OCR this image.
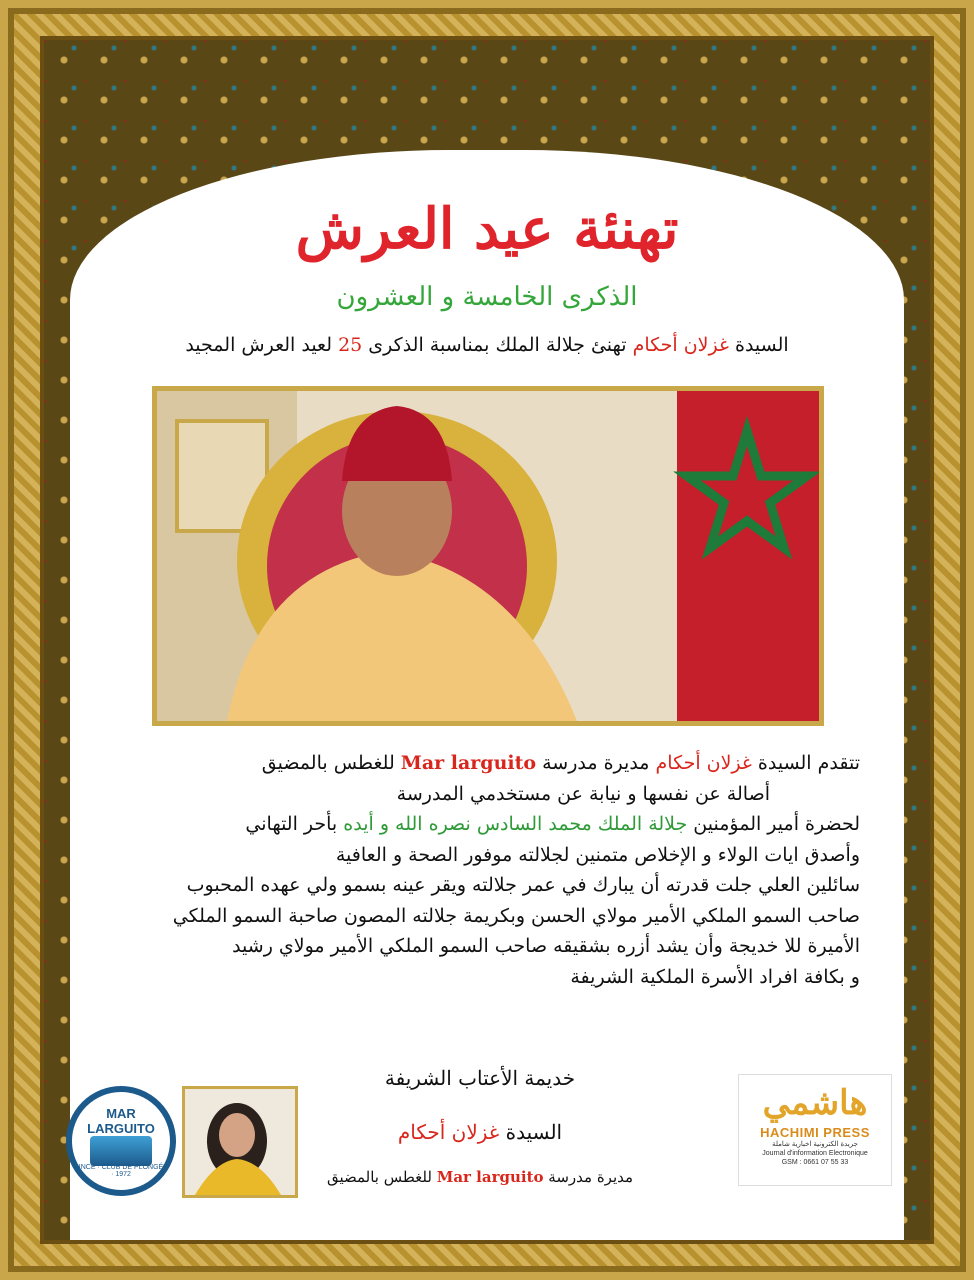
تهنئة عيد العرش
الذكرى الخامسة و العشرون
السيدة غزلان أحكام تهنئ جلالة الملك بمناسبة الذكرى 25 لعيد العرش المجيد

تتقدم السيدة غزلان أحكام مديرة مدرسة Mar larguito للغطس بالمضيق

أصالة عن نفسها و نيابة عن مستخدمي المدرسة

لحضرة أمير المؤمنين جلالة الملك محمد السادس نصره الله و أيده بأحر التهاني

وأصدق ايات الولاء و الإخلاص متمنين لجلالته موفور الصحة و العافية

سائلين العلي جلت قدرته أن يبارك في عمر جلالته ويقر عينه بسمو ولي عهده المحبوب

صاحب السمو الملكي الأمير مولاي الحسن وبكريمة جلالته المصون صاحبة السمو الملكي

الأميرة للا خديجة وأن يشد أزره بشقيقه صاحب السمو الملكي الأمير مولاي رشيد

و بكافة افراد الأسرة الملكية الشريفة

خديمة الأعتاب الشريفة
السيدة غزلان أحكام
مديرة مدرسة Mar larguito للغطس بالمضيق
MAR LARGUITO
SINCE · CLUB DE PLONGÉE · 1972
هاشمي
HACHIMI PRESS
جريدة الكترونية اخبارية شاملة
Journal d'information Electronique
GSM : 0661 07 55 33
